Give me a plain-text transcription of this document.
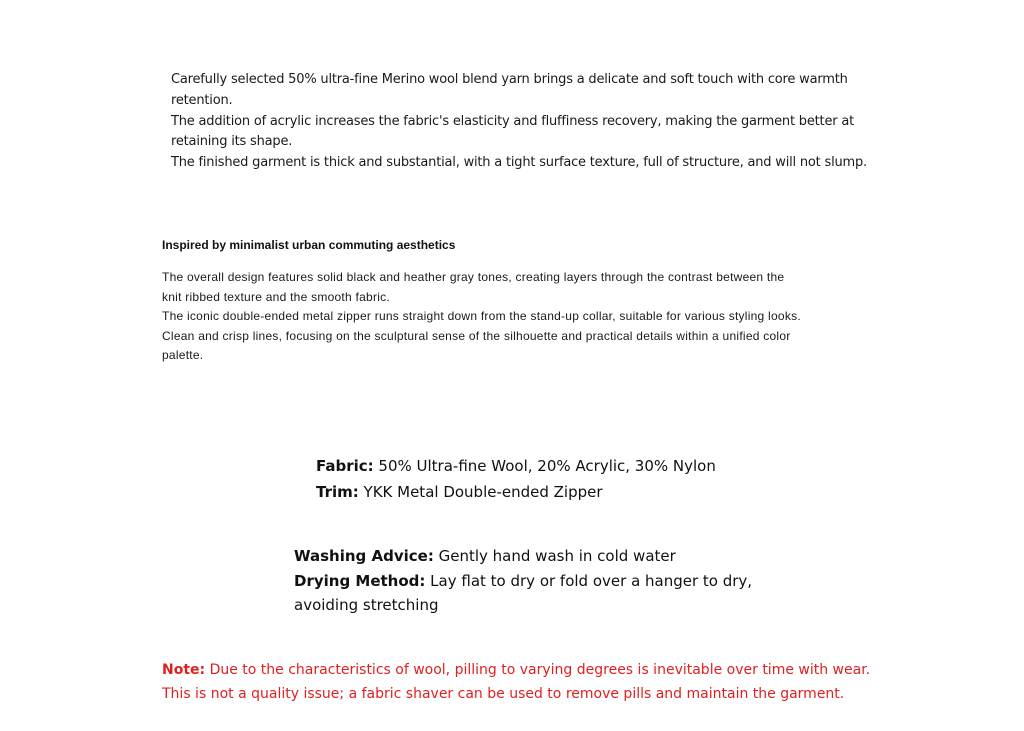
Carefully selected 50% ultra-fine Merino wool blend yarn brings a delicate and soft touch with core warmth
retention.
The addition of acrylic increases the fabric's elasticity and fluffiness recovery, making the garment better at
retaining its shape.
The finished garment is thick and substantial, with a tight surface texture, full of structure, and will not slump.
Inspired by minimalist urban commuting aesthetics
The overall design features solid black and heather gray tones, creating layers through the contrast between the
knit ribbed texture and the smooth fabric.
The iconic double-ended metal zipper runs straight down from the stand-up collar, suitable for various styling looks.
Clean and crisp lines, focusing on the sculptural sense of the silhouette and practical details within a unified color
palette.
Fabric: 50% Ultra-fine Wool, 20% Acrylic, 30% Nylon
Trim: YKK Metal Double-ended Zipper
Washing Advice: Gently hand wash in cold water
Drying Method: Lay flat to dry or fold over a hanger to dry,
avoiding stretching
Note: Due to the characteristics of wool, pilling to varying degrees is inevitable over time with wear.
This is not a quality issue; a fabric shaver can be used to remove pills and maintain the garment.
